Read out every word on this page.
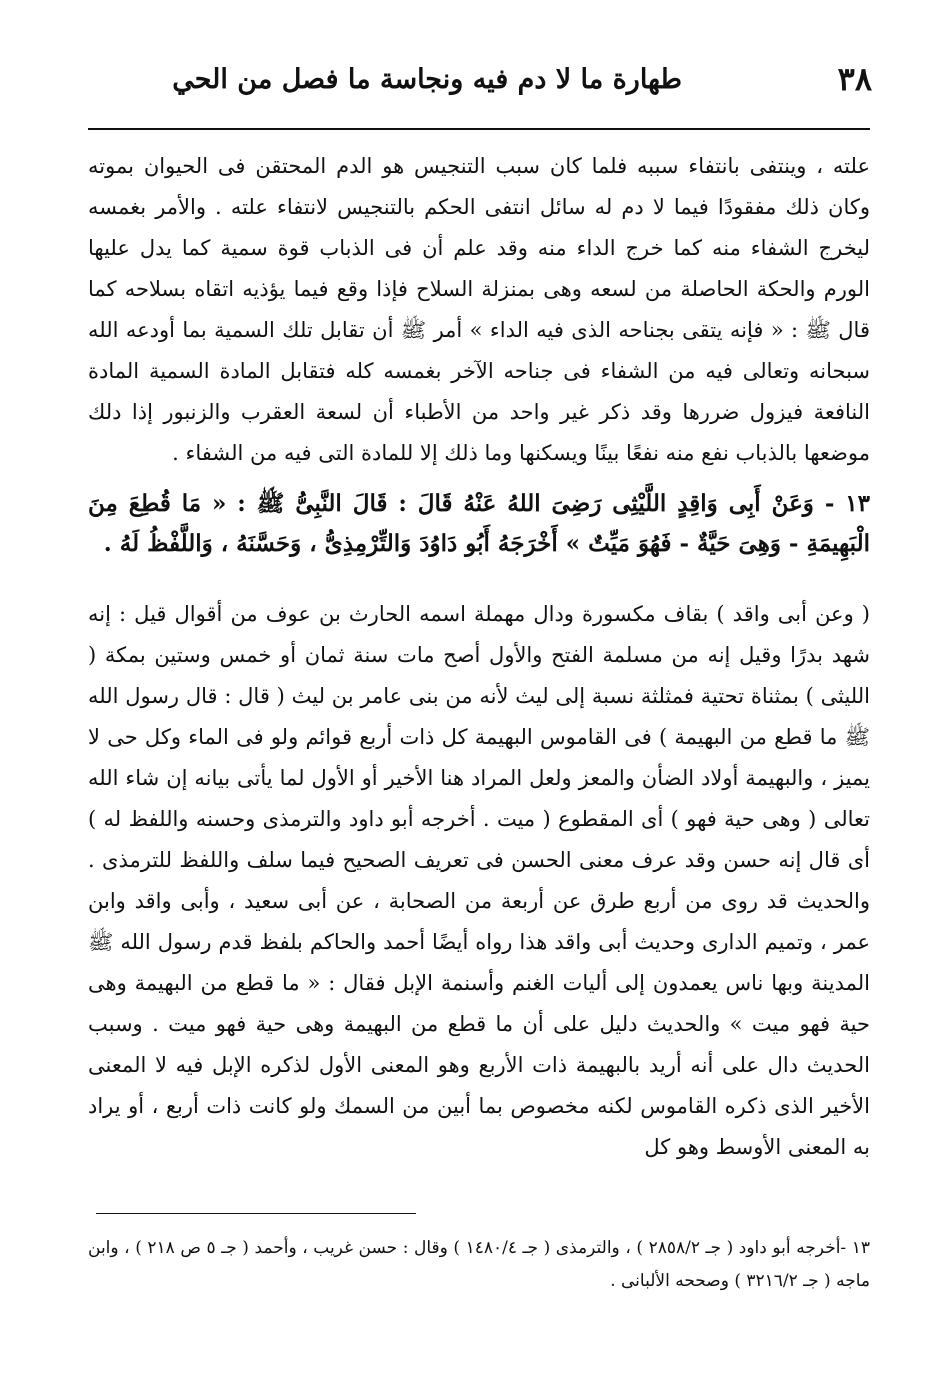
٣٨
طهارة ما لا دم فيه ونجاسة ما فصل من الحي

علته ، وينتفى بانتفاء سببه فلما كان سبب التنجيس هو الدم المحتقن فى الحيوان بموته وكان ذلك مفقودًا فيما لا دم له سائل انتفى الحكم بالتنجيس لانتفاء علته . والأمر بغمسه ليخرج الشفاء منه كما خرج الداء منه وقد علم أن فى الذباب قوة سمية كما يدل عليها الورم والحكة الحاصلة من لسعه وهى بمنزلة السلاح فإذا وقع فيما يؤذيه اتقاه بسلاحه كما قال ﷺ : « فإنه يتقى بجناحه الذى فيه الداء » أمر ﷺ أن تقابل تلك السمية بما أودعه الله سبحانه وتعالى فيه من الشفاء فى جناحه الآخر بغمسه كله فتقابل المادة السمية المادة النافعة فيزول ضررها وقد ذكر غير واحد من الأطباء أن لسعة العقرب والزنبور إذا دلك موضعها بالذباب نفع منه نفعًا بينًا ويسكنها وما ذلك إلا للمادة التى فيه من الشفاء .

١٣ - وَعَنْ أَبِى وَاقِدٍ اللَّيْثِى رَضِىَ اللهُ عَنْهُ قَالَ : قَالَ النَّبِىُّ ﷺ : « مَا قُطِعَ مِنَ الْبَهِيمَةِ - وَهِىَ حَيَّةٌ - فَهُوَ مَيِّتٌ » أَخْرَجَهُ أَبُو دَاوُدَ وَالتِّرْمِذِىُّ ، وَحَسَّنَهُ ، وَاللَّفْظُ لَهُ .

( وعن أبى واقد ) بقاف مكسورة ودال مهملة اسمه الحارث بن عوف من أقوال قيل : إنه شهد بدرًا وقيل إنه من مسلمة الفتح والأول أصح مات سنة ثمان أو خمس وستين بمكة ( الليثى ) بمثناة تحتية فمثلثة نسبة إلى ليث لأنه من بنى عامر بن ليث ( قال : قال رسول الله ﷺ ما قطع من البهيمة ) فى القاموس البهيمة كل ذات أربع قوائم ولو فى الماء وكل حى لا يميز ، والبهيمة أولاد الضأن والمعز ولعل المراد هنا الأخير أو الأول لما يأتى بيانه إن شاء الله تعالى ( وهى حية فهو ) أى المقطوع ( ميت . أخرجه أبو داود والترمذى وحسنه واللفظ له ) أى قال إنه حسن وقد عرف معنى الحسن فى تعريف الصحيح فيما سلف واللفظ للترمذى . والحديث قد روى من أربع طرق عن أربعة من الصحابة ، عن أبى سعيد ، وأبى واقد وابن عمر ، وتميم الدارى وحديث أبى واقد هذا رواه أيضًا أحمد والحاكم بلفظ قدم رسول الله ﷺ المدينة وبها ناس يعمدون إلى أليات الغنم وأسنمة الإبل فقال : « ما قطع من البهيمة وهى حية فهو ميت » والحديث دليل على أن ما قطع من البهيمة وهى حية فهو ميت . وسبب الحديث دال على أنه أريد بالبهيمة ذات الأربع وهو المعنى الأول لذكره الإبل فيه لا المعنى الأخير الذى ذكره القاموس لكنه مخصوص بما أبين من السمك ولو كانت ذات أربع ، أو يراد به المعنى الأوسط وهو كل

١٣ -أخرجه أبو داود ( جـ ٢٨٥٨/٢ ) ، والترمذى ( جـ ١٤٨٠/٤ ) وقال : حسن غريب ، وأحمد ( جـ ٥ ص ٢١٨ ) ، وابن ماجه ( جـ ٣٢١٦/٢ ) وصححه الألبانى .
